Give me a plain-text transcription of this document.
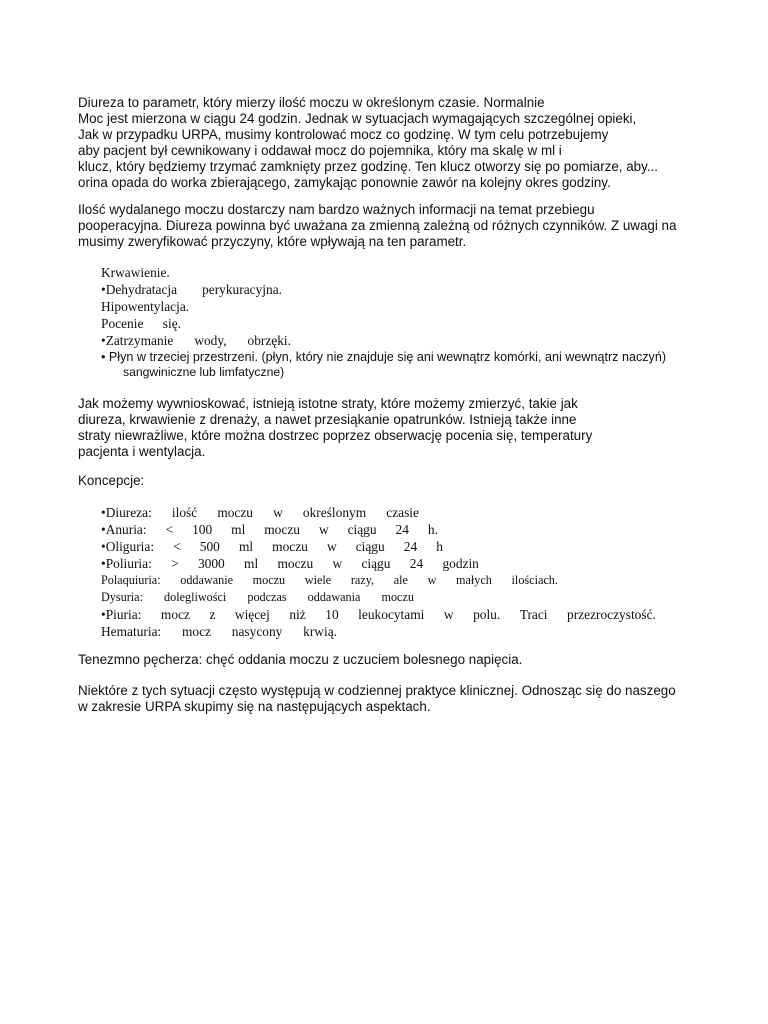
Diureza to parametr, który mierzy ilość moczu w określonym czasie. Normalnie
Moc jest mierzona w ciągu 24 godzin. Jednak w sytuacjach wymagających szczególnej opieki,
Jak w przypadku URPA, musimy kontrolować mocz co godzinę. W tym celu potrzebujemy
aby pacjent był cewnikowany i oddawał mocz do pojemnika, który ma skalę w ml i
klucz, który będziemy trzymać zamknięty przez godzinę. Ten klucz otworzy się po pomiarze, aby...
orina opada do worka zbierającego, zamykając ponownie zawór na kolejny okres godziny.
Ilość wydalanego moczu dostarczy nam bardzo ważnych informacji na temat przebiegu
pooperacyjna. Diureza powinna być uważana za zmienną zależną od różnych czynników. Z uwagi na
musimy zweryfikować przyczyny, które wpływają na ten parametr.
Krwawienie.
•Dehydratacja perykuracyjna.
Hipowentylacja.
Pocenie się.
•Zatrzymanie wody, obrzęki.
• Płyn w trzeciej przestrzeni. (płyn, który nie znajduje się ani wewnątrz komórki, ani wewnątrz naczyń)
sangwiniczne lub limfatyczne)
Jak możemy wywnioskować, istnieją istotne straty, które możemy zmierzyć, takie jak
diureza, krwawienie z drenaży, a nawet przesiąkanie opatrunków. Istnieją także inne
straty niewrażliwe, które można dostrzec poprzez obserwację pocenia się, temperatury
pacjenta i wentylacja.
Koncepcje:
•Diureza: ilość moczu w określonym czasie
•Anuria: < 100 ml moczu w ciągu 24 h.
•Oliguria: < 500 ml moczu w ciągu 24 h
•Poliuria: > 3000 ml moczu w ciągu 24 godzin
Polaquiuria: oddawanie moczu wiele razy, ale w małych ilościach.
Dysuria: dolegliwości podczas oddawania moczu
•Piuria: mocz z więcej niż 10 leukocytami w polu. Traci przezroczystość.
Hematuria: mocz nasycony krwią.
Tenezmno pęcherza: chęć oddania moczu z uczuciem bolesnego napięcia.
Niektóre z tych sytuacji często występują w codziennej praktyce klinicznej. Odnosząc się do naszego
w zakresie URPA skupimy się na następujących aspektach.
